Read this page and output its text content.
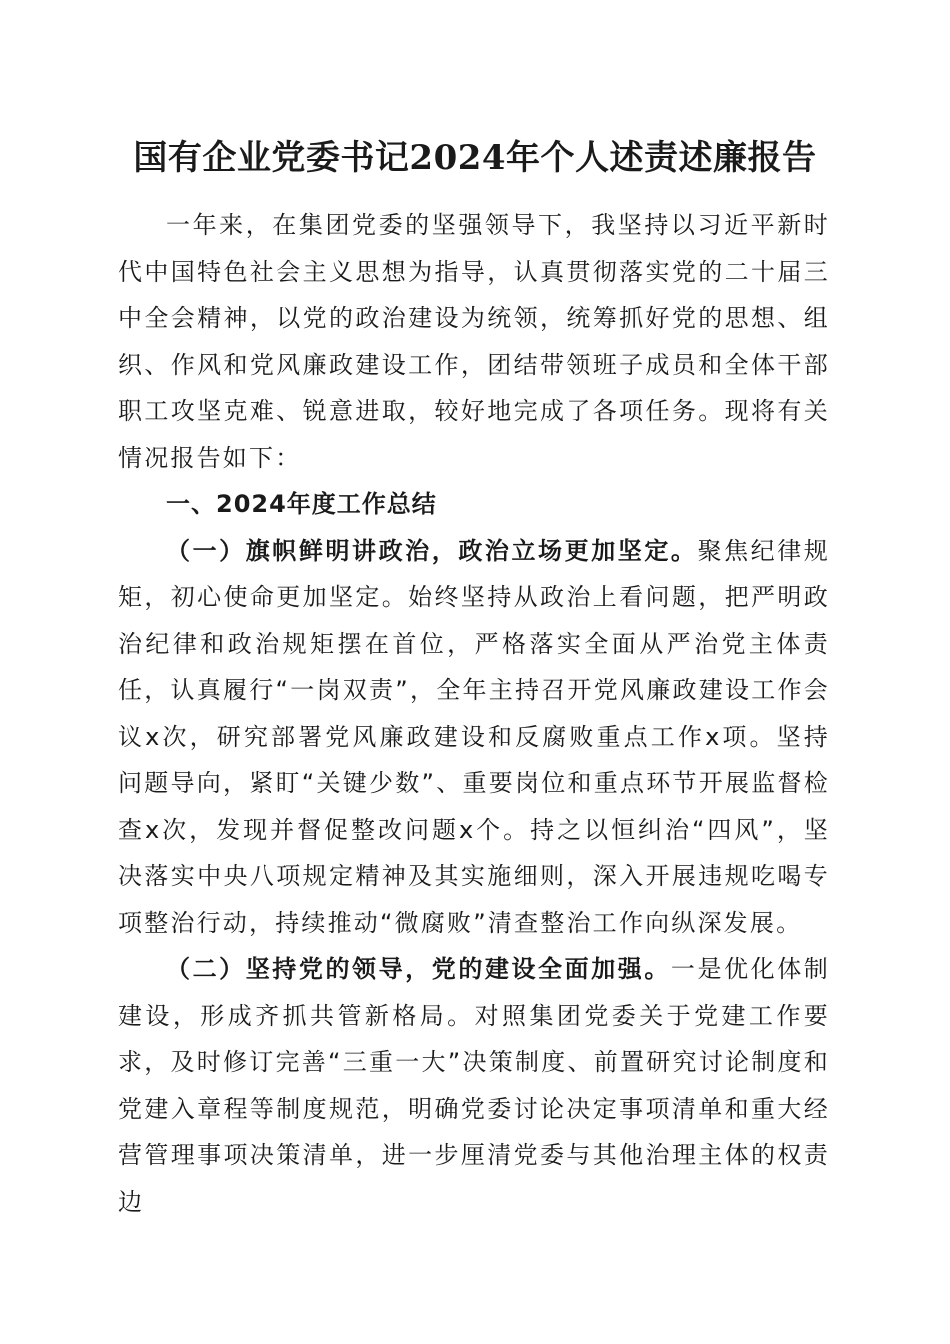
国有企业党委书记2024年个人述责述廉报告

一年来，在集团党委的坚强领导下，我坚持以习近平新时代中国特色社会主义思想为指导，认真贯彻落实党的二十届三中全会精神，以党的政治建设为统领，统筹抓好党的思想、组织、作风和党风廉政建设工作，团结带领班子成员和全体干部职工攻坚克难、锐意进取，较好地完成了各项任务。现将有关情况报告如下：

一、2024年度工作总结

（一）旗帜鲜明讲政治，政治立场更加坚定。聚焦纪律规矩，初心使命更加坚定。始终坚持从政治上看问题，把严明政治纪律和政治规矩摆在首位，严格落实全面从严治党主体责任，认真履行“一岗双责”，全年主持召开党风廉政建设工作会议x次，研究部署党风廉政建设和反腐败重点工作x项。坚持问题导向，紧盯“关键少数”、重要岗位和重点环节开展监督检查x次，发现并督促整改问题x个。持之以恒纠治“四风”，坚决落实中央八项规定精神及其实施细则，深入开展违规吃喝专项整治行动，持续推动“微腐败”清查整治工作向纵深发展。

（二）坚持党的领导，党的建设全面加强。一是优化体制建设，形成齐抓共管新格局。对照集团党委关于党建工作要求，及时修订完善“三重一大”决策制度、前置研究讨论制度和党建入章程等制度规范，明确党委讨论决定事项清单和重大经营管理事项决策清单，进一步厘清党委与其他治理主体的权责边
